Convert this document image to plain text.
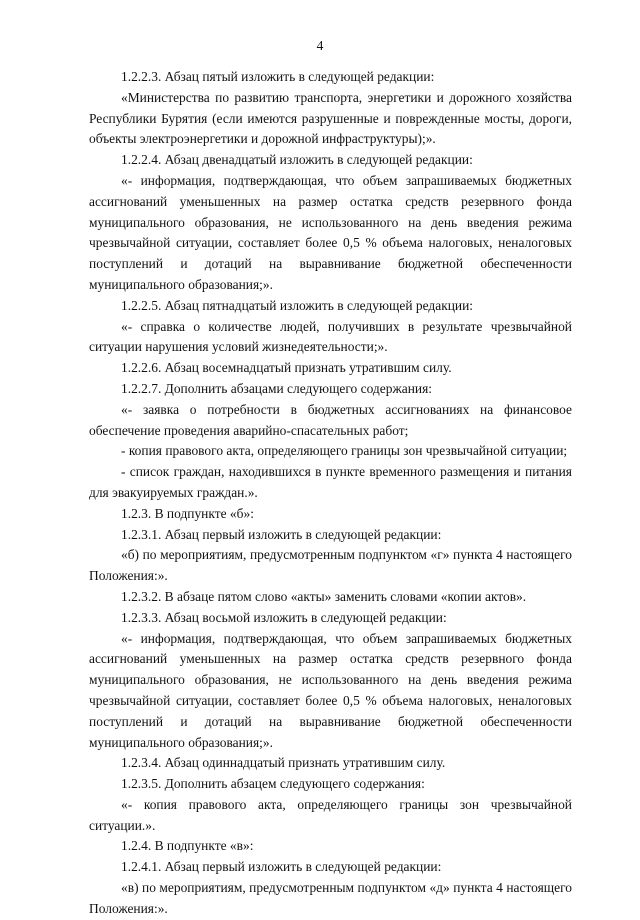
4

1.2.2.3. Абзац пятый изложить в следующей редакции:

«Министерства по развитию транспорта, энергетики и дорожного хозяйства Республики Бурятия (если имеются разрушенные и поврежденные мосты, дороги, объекты электроэнергетики и дорожной инфраструктуры);».

1.2.2.4. Абзац двенадцатый изложить в следующей редакции:

«- информация, подтверждающая, что объем запрашиваемых бюджетных ассигнований уменьшенных на размер остатка средств резервного фонда муниципального образования, не использованного на день введения режима чрезвычайной ситуации, составляет более 0,5 % объема налоговых, неналоговых поступлений и дотаций на выравнивание бюджетной обеспеченности муниципального образования;».

1.2.2.5. Абзац пятнадцатый изложить в следующей редакции:

«- справка о количестве людей, получивших в результате чрезвычайной ситуации нарушения условий жизнедеятельности;».

1.2.2.6. Абзац восемнадцатый признать утратившим силу.

1.2.2.7. Дополнить абзацами следующего содержания:

«- заявка о потребности в бюджетных ассигнованиях на финансовое обеспечение проведения аварийно-спасательных работ;

- копия правового акта, определяющего границы зон чрезвычайной ситуации;

- список граждан, находившихся в пункте временного размещения и питания для эвакуируемых граждан.».

1.2.3. В подпункте «б»:

1.2.3.1. Абзац первый изложить в следующей редакции:

«б) по мероприятиям, предусмотренным подпунктом «г» пункта 4 настоящего Положения:».

1.2.3.2. В абзаце пятом слово «акты» заменить словами «копии актов».

1.2.3.3. Абзац восьмой изложить в следующей редакции:

«- информация, подтверждающая, что объем запрашиваемых бюджетных ассигнований уменьшенных на размер остатка средств резервного фонда муниципального образования, не использованного на день введения режима чрезвычайной ситуации, составляет более 0,5 % объема налоговых, неналоговых поступлений и дотаций на выравнивание бюджетной обеспеченности муниципального образования;».

1.2.3.4. Абзац одиннадцатый признать утратившим силу.

1.2.3.5. Дополнить абзацем следующего содержания:

«- копия правового акта, определяющего границы зон чрезвычайной ситуации.».

1.2.4. В подпункте «в»:

1.2.4.1. Абзац первый изложить в следующей редакции:

«в) по мероприятиям, предусмотренным подпунктом «д» пункта 4 настоящего Положения:».
